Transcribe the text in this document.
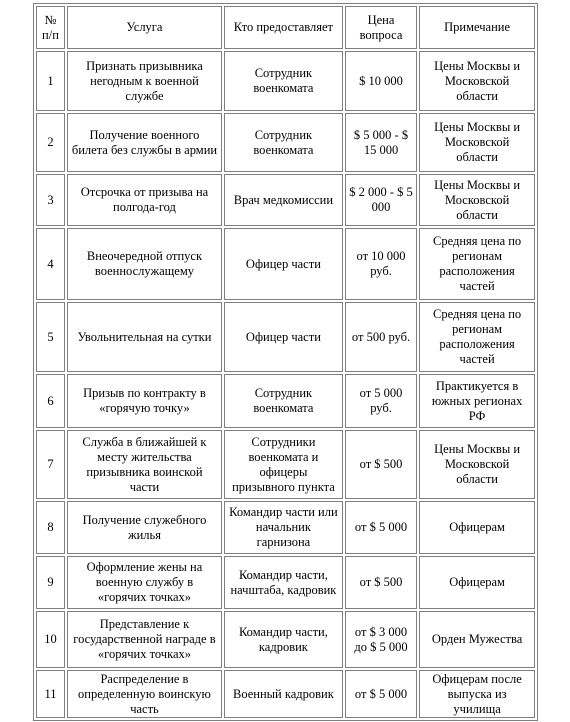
№ п/п	Услуга	Кто предоставляет	Цена вопроса	Примечание
1	Признать призывника негодным к военной службе	Сотрудник военкомата	$ 10 000	Цены Москвы и Московской области
2	Получение военного билета без службы в армии	Сотрудник военкомата	$ 5 000 - $ 15 000	Цены Москвы и Московской области
3	Отсрочка от призыва на полгода-год	Врач медкомиссии	$ 2 000 - $ 5 000	Цены Москвы и Московской области
4	Внеочередной отпуск военнослужащему	Офицер части	от 10 000 руб.	Средняя цена по регионам расположения частей
5	Увольнительная на сутки	Офицер части	от 500 руб.	Средняя цена по регионам расположения частей
6	Призыв по контракту в «горячую точку»	Сотрудник военкомата	от 5 000 руб.	Практикуется в южных регионах РФ
7	Служба в ближайшей к месту жительства призывника воинской части	Сотрудники военкомата и офицеры призывного пункта	от $ 500	Цены Москвы и Московской области
8	Получение служебного жилья	Командир части или начальник гарнизона	от $ 5 000	Офицерам
9	Оформление жены на военную службу в «горячих точках»	Командир части, начштаба, кадровик	от $ 500	Офицерам
10	Представление к государственной награде в «горячих точках»	Командир части, кадровик	от $ 3 000 до $ 5 000	Орден Мужества
11	Распределение в определенную воинскую часть	Военный кадровик	от $ 5 000	Офицерам после выпуска из училища
